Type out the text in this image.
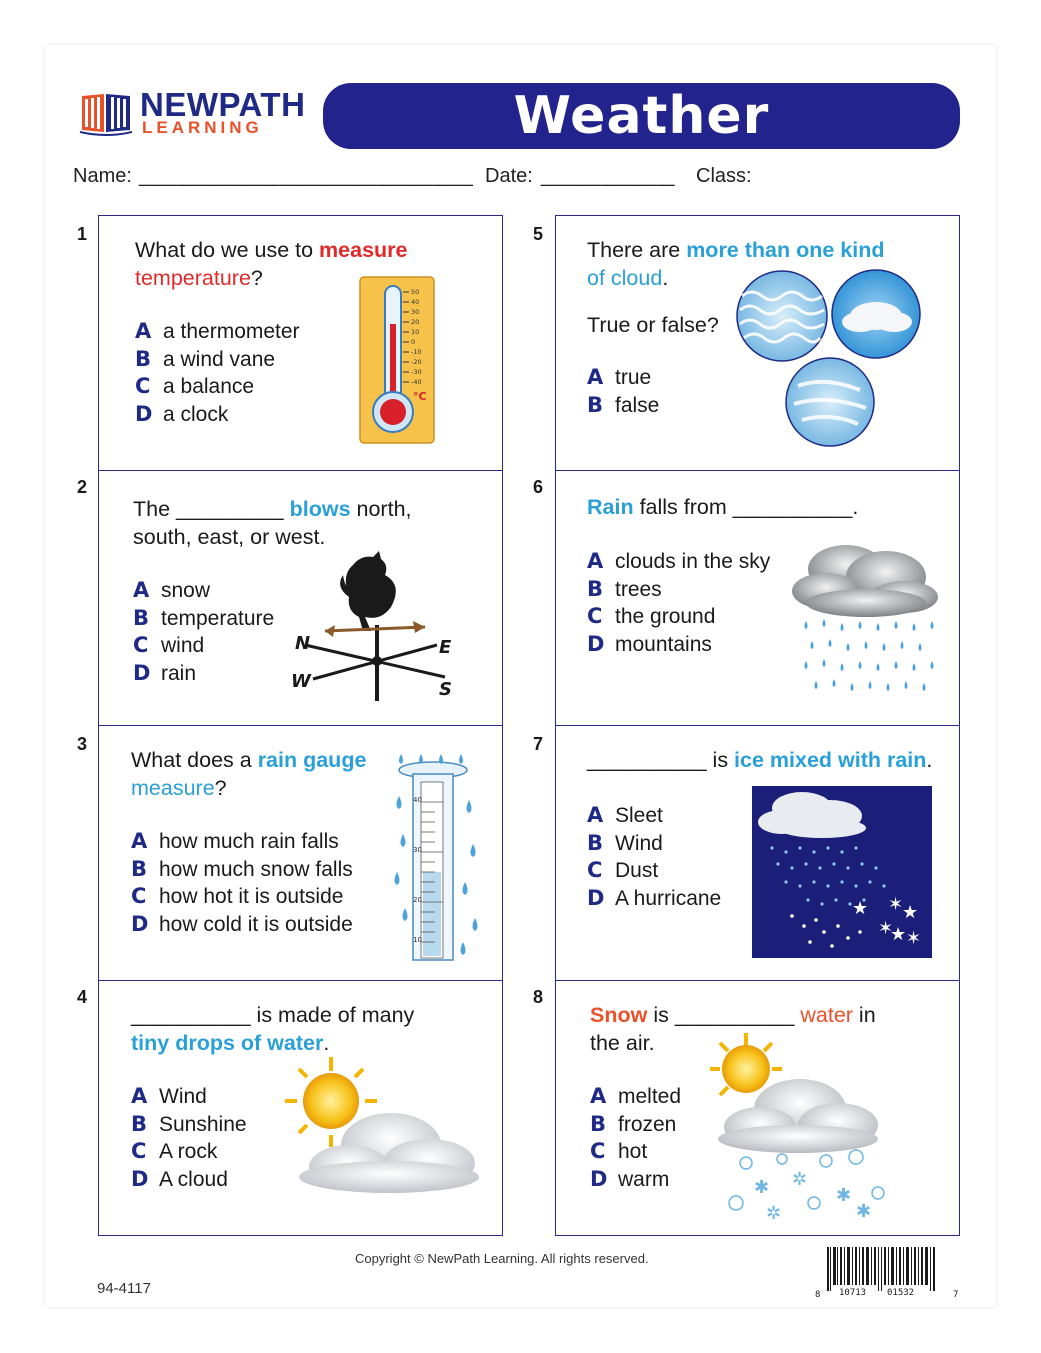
NEWPATH
LEARNING	Weather
Name: ______________________________ Date: ____________ Class:
1
What do we use to measure
temperature?
A a thermometer
B a wind vane
C a balance
D a clock
50
40
30
20
10
0
-10
-20
-30
-40
°C
2
The _________ blows north,
south, east, or west.
A snow
B temperature
C wind
D rain
N	E
W	S
3
What does a rain gauge
measure?
A how much rain falls
B how much snow falls
C how hot it is outside
D how cold it is outside
40
30
20
10
4
__________ is made of many
tiny drops of water.
A Wind
B Sunshine
C A rock
D A cloud
5
There are more than one kind
of cloud.
True or false?
A true
B false
6
Rain falls from __________.
A clouds in the sky
B trees
C the ground
D mountains
7
__________ is ice mixed with rain.
A Sleet
B Wind
C Dust
D A hurricane	★ ✶
★
✶
★ ✶
8
Snow is __________ water in
the air.
A melted
B frozen
C hot
D warm	✱ ✲
✱
✲	✱
Copyright © NewPath Learning. All rights reserved.
94-4117	8 10713 01532	7
